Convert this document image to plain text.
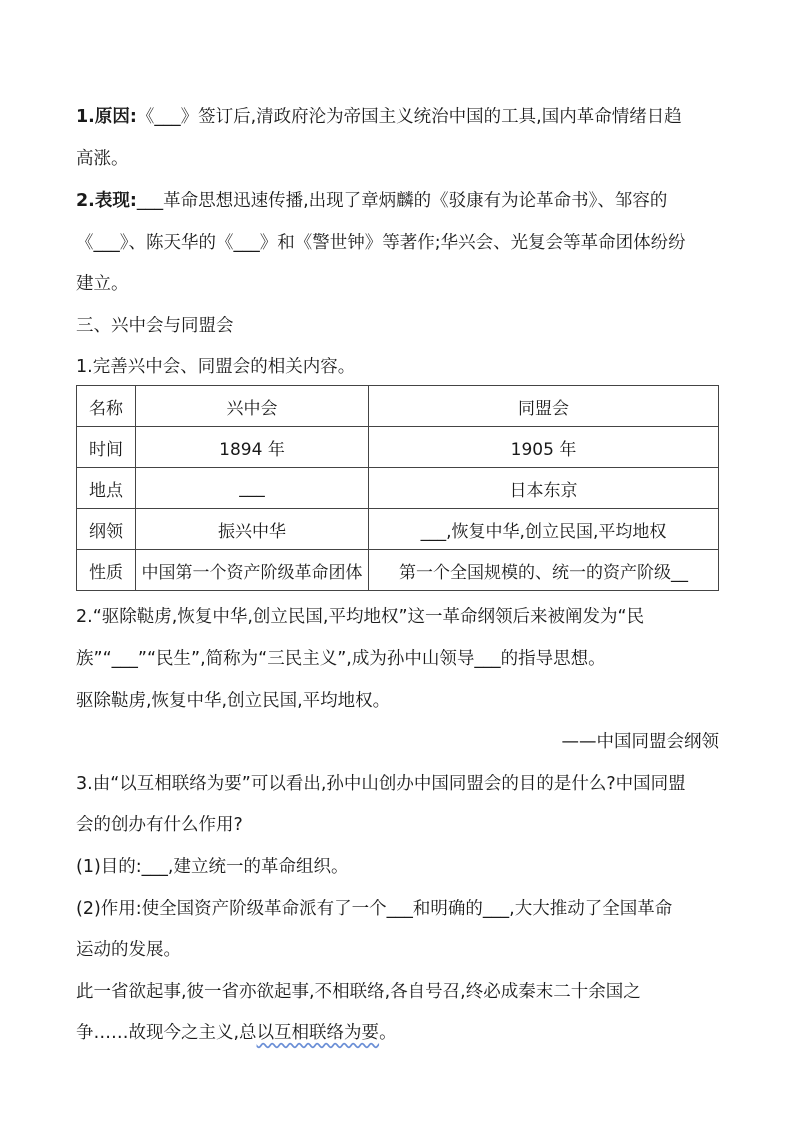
1.原因:《___》签订后,清政府沦为帝国主义统治中国的工具,国内革命情绪日趋
高涨。
2.表现:___革命思想迅速传播,出现了章炳麟的《驳康有为论革命书》、邹容的
《___》、陈天华的《___》和《警世钟》等著作;华兴会、光复会等革命团体纷纷
建立。
三、兴中会与同盟会
1.完善兴中会、同盟会的相关内容。
名称	兴中会	同盟会
时间	1894 年	1905 年
地点	___	日本东京
纲领	振兴中华	___,恢复中华,创立民国,平均地权
性质	中国第一个资产阶级革命团体	第一个全国规模的、统一的资产阶级__
2.“驱除鞑虏,恢复中华,创立民国,平均地权”这一革命纲领后来被阐发为“民
族”“___”“民生”,简称为“三民主义”,成为孙中山领导___的指导思想。
驱除鞑虏,恢复中华,创立民国,平均地权。
——中国同盟会纲领
3.由“以互相联络为要”可以看出,孙中山创办中国同盟会的目的是什么?中国同盟
会的创办有什么作用?
(1)目的:___,建立统一的革命组织。
(2)作用:使全国资产阶级革命派有了一个___和明确的___,大大推动了全国革命
运动的发展。
此一省欲起事,彼一省亦欲起事,不相联络,各自号召,终必成秦末二十余国之
争……故现今之主义,总以互相联络为要。
